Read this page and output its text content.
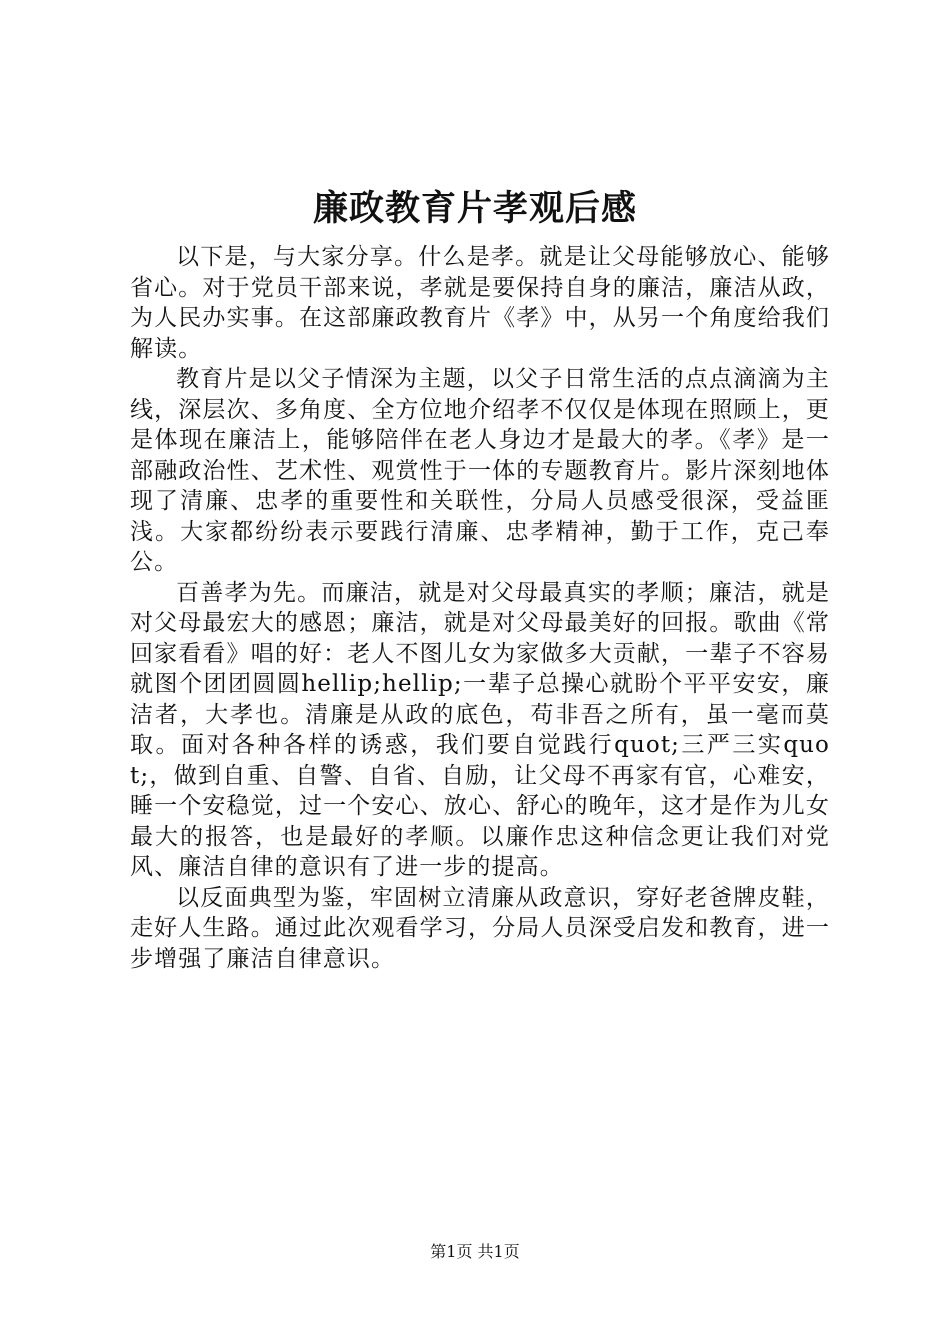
廉政教育片孝观后感

以下是，与大家分享。什么是孝。就是让父母能够放心、能够省心。对于党员干部来说，孝就是要保持自身的廉洁，廉洁从政，为人民办实事。在这部廉政教育片《孝》中，从另一个角度给我们解读。

教育片是以父子情深为主题，以父子日常生活的点点滴滴为主线，深层次、多角度、全方位地介绍孝不仅仅是体现在照顾上，更是体现在廉洁上，能够陪伴在老人身边才是最大的孝。《孝》是一部融政治性、艺术性、观赏性于一体的专题教育片。影片深刻地体现了清廉、忠孝的重要性和关联性，分局人员感受很深，受益匪浅。大家都纷纷表示要践行清廉、忠孝精神，勤于工作，克己奉公。

百善孝为先。而廉洁，就是对父母最真实的孝顺；廉洁，就是对父母最宏大的感恩；廉洁，就是对父母最美好的回报。歌曲《常回家看看》唱的好：老人不图儿女为家做多大贡献，一辈子不容易就图个团团圆圆hellip;hellip;一辈子总操心就盼个平平安安，廉洁者，大孝也。清廉是从政的底色，苟非吾之所有，虽一毫而莫取。面对各种各样的诱惑，我们要自觉践行quot;三严三实quot;，做到自重、自警、自省、自励，让父母不再家有官，心难安，睡一个安稳觉，过一个安心、放心、舒心的晚年，这才是作为儿女最大的报答，也是最好的孝顺。以廉作忠这种信念更让我们对党风、廉洁自律的意识有了进一步的提高。

以反面典型为鉴，牢固树立清廉从政意识，穿好老爸牌皮鞋，走好人生路。通过此次观看学习，分局人员深受启发和教育，进一步增强了廉洁自律意识。

第1页 共1页
